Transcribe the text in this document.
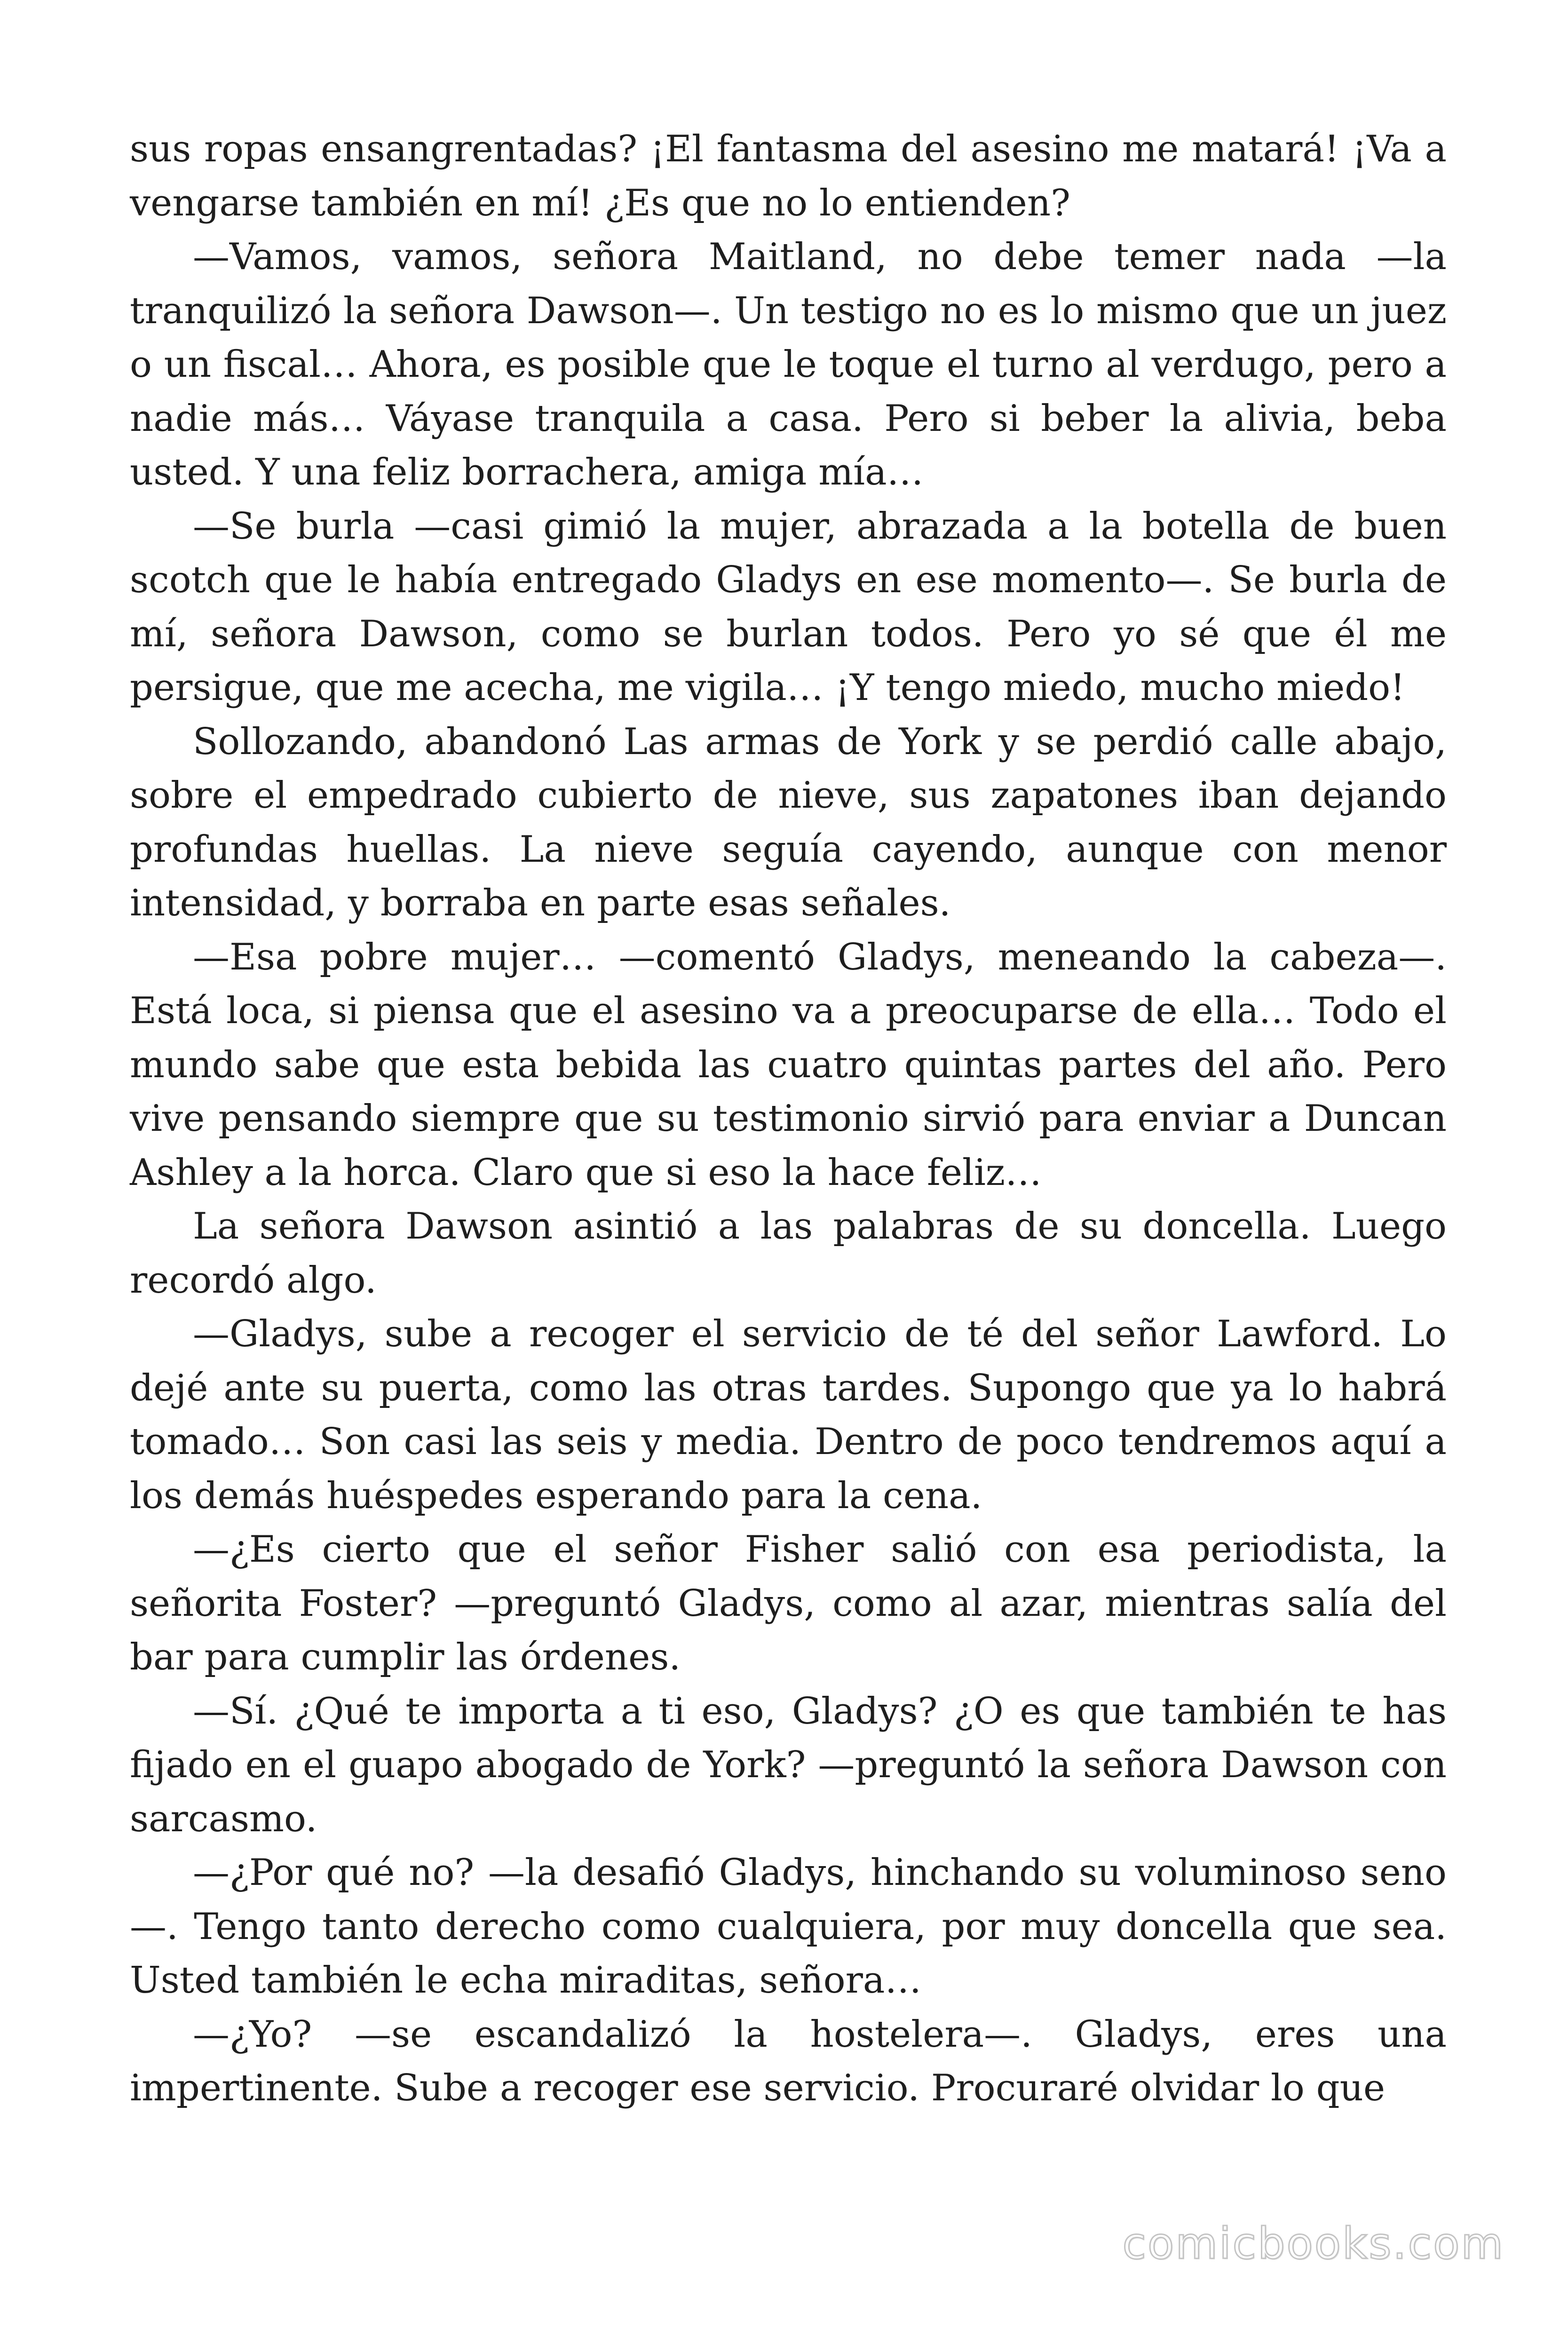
sus ropas ensangrentadas? ¡El fantasma del asesino me matará! ¡Va a vengarse también en mí! ¿Es que no lo entienden?

—Vamos, vamos, señora Maitland, no debe temer nada —la tranquilizó la señora Dawson—. Un testigo no es lo mismo que un juez o un fiscal… Ahora, es posible que le toque el turno al verdugo, pero a nadie más… Váyase tranquila a casa. Pero si beber la alivia, beba usted. Y una feliz borrachera, amiga mía…

—Se burla —casi gimió la mujer, abrazada a la botella de buen scotch que le había entregado Gladys en ese momento—. Se burla de mí, señora Dawson, como se burlan todos. Pero yo sé que él me persigue, que me acecha, me vigila… ¡Y tengo miedo, mucho miedo!

Sollozando, abandonó Las armas de York y se perdió calle abajo, sobre el empedrado cubierto de nieve, sus zapatones iban dejando profundas huellas. La nieve seguía cayendo, aunque con menor intensidad, y borraba en parte esas señales.

—Esa pobre mujer… —comentó Gladys, meneando la cabeza—. Está loca, si piensa que el asesino va a preocuparse de ella… Todo el mundo sabe que esta bebida las cuatro quintas partes del año. Pero vive pensando siempre que su testimonio sirvió para enviar a Duncan Ashley a la horca. Claro que si eso la hace feliz…

La señora Dawson asintió a las palabras de su doncella. Luego recordó algo.

—Gladys, sube a recoger el servicio de té del señor Lawford. Lo dejé ante su puerta, como las otras tardes. Supongo que ya lo habrá tomado… Son casi las seis y media. Dentro de poco tendremos aquí a los demás huéspedes esperando para la cena.

—¿Es cierto que el señor Fisher salió con esa periodista, la señorita Foster? —preguntó Gladys, como al azar, mientras salía del bar para cumplir las órdenes.

—Sí. ¿Qué te importa a ti eso, Gladys? ¿O es que también te has fijado en el guapo abogado de York? —preguntó la señora Dawson con sarcasmo.

—¿Por qué no? —la desafió Gladys, hinchando su voluminoso seno—. Tengo tanto derecho como cualquiera, por muy doncella que sea. Usted también le echa miraditas, señora…

—¿Yo? —se escandalizó la hostelera—. Gladys, eres una impertinente. Sube a recoger ese servicio. Procuraré olvidar lo que

comicbooks.com
